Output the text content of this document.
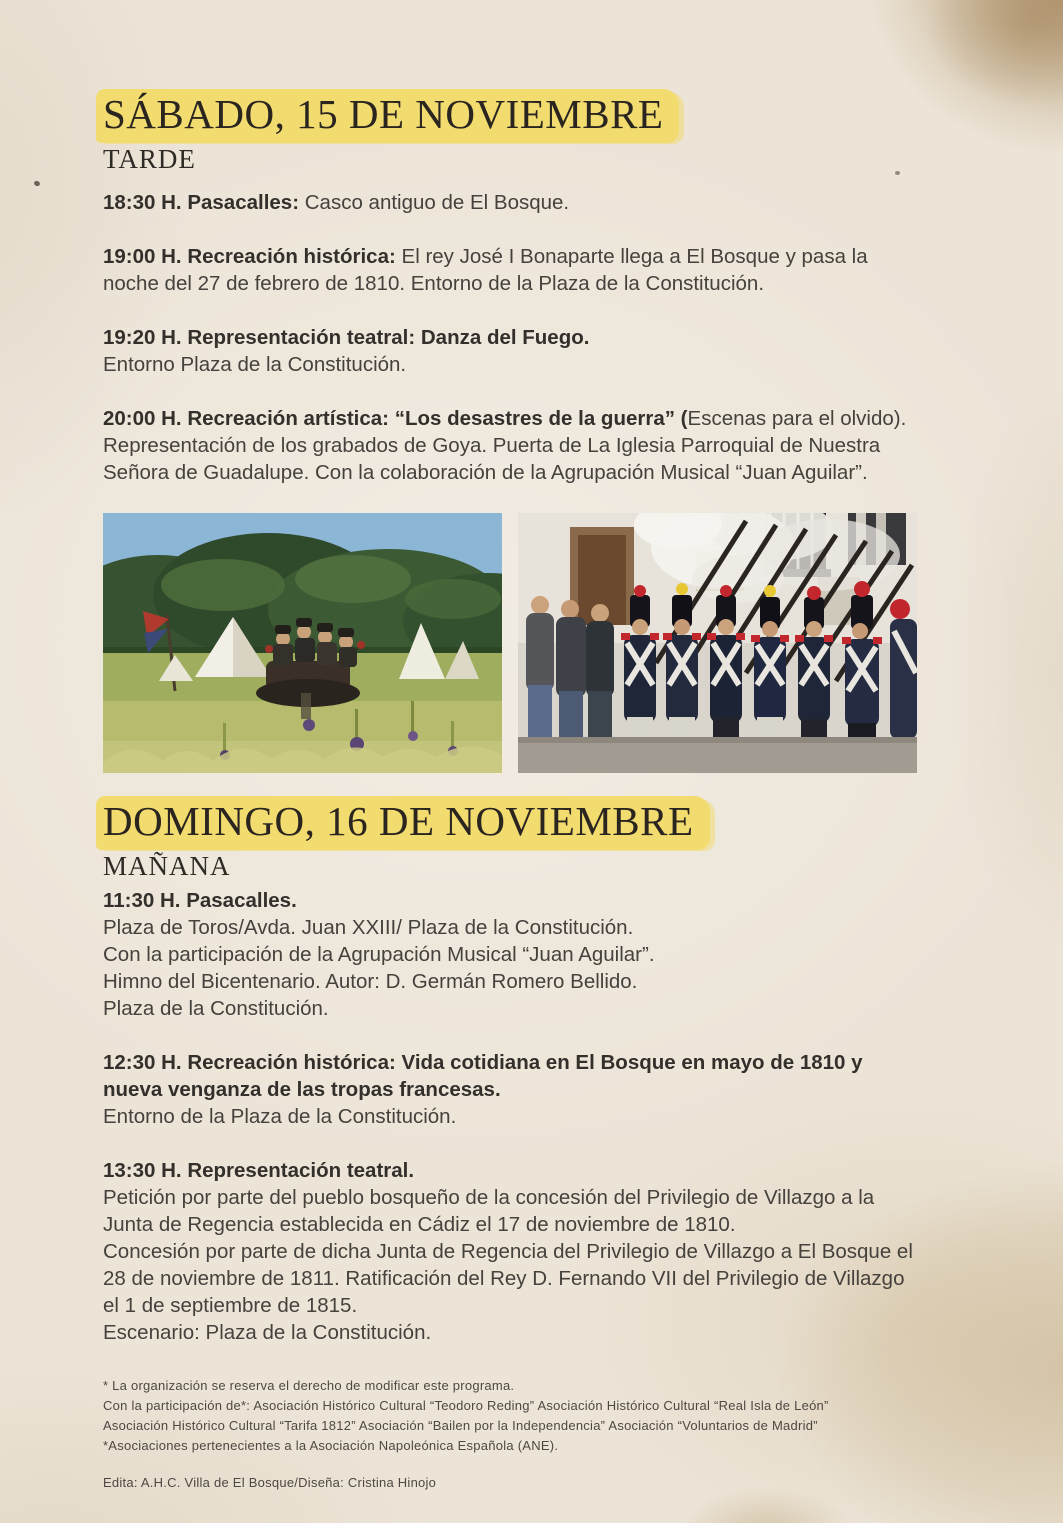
SÁBADO, 15 DE NOVIEMBRE
TARDE

18:30 H. Pasacalles: Casco antiguo de El Bosque.

19:00 H. Recreación histórica: El rey José I Bonaparte llega a El Bosque y pasa la noche del 27 de febrero de 1810. Entorno de la Plaza de la Constitución.

19:20 H. Representación teatral: Danza del Fuego.
Entorno Plaza de la Constitución.

20:00 H. Recreación artística: “Los desastres de la guerra” (Escenas para el olvido). Representación de los grabados de Goya. Puerta de La Iglesia Parroquial de Nuestra Señora de Guadalupe. Con la colaboración de la Agrupación Musical “Juan Aguilar”.

DOMINGO, 16 DE NOVIEMBRE
MAÑANA

11:30 H. Pasacalles.
Plaza de Toros/Avda. Juan XXIII/ Plaza de la Constitución.
Con la participación de la Agrupación Musical “Juan Aguilar”.
Himno del Bicentenario. Autor: D. Germán Romero Bellido.
Plaza de la Constitución.

12:30 H. Recreación histórica: Vida cotidiana en El Bosque en mayo de 1810 y nueva venganza de las tropas francesas.
Entorno de la Plaza de la Constitución.

13:30 H. Representación teatral.
Petición por parte del pueblo bosqueño de la concesión del Privilegio de Villazgo a la Junta de Regencia establecida en Cádiz el 17 de noviembre de 1810.
Concesión por parte de dicha Junta de Regencia del Privilegio de Villazgo a El Bosque el 28 de noviembre de 1811. Ratificación del Rey D. Fernando VII del Privilegio de Villazgo el 1 de septiembre de 1815.
Escenario: Plaza de la Constitución.

* La organización se reserva el derecho de modificar este programa.
Con la participación de*: Asociación Histórico Cultural “Teodoro Reding” Asociación Histórico Cultural “Real Isla de León”
Asociación Histórico Cultural “Tarifa 1812” Asociación “Bailen por la Independencia” Asociación “Voluntarios de Madrid”
*Asociaciones pertenecientes a la Asociación Napoleónica Española (ANE).
Edita: A.H.C. Villa de El Bosque/Diseña: Cristina Hinojo
